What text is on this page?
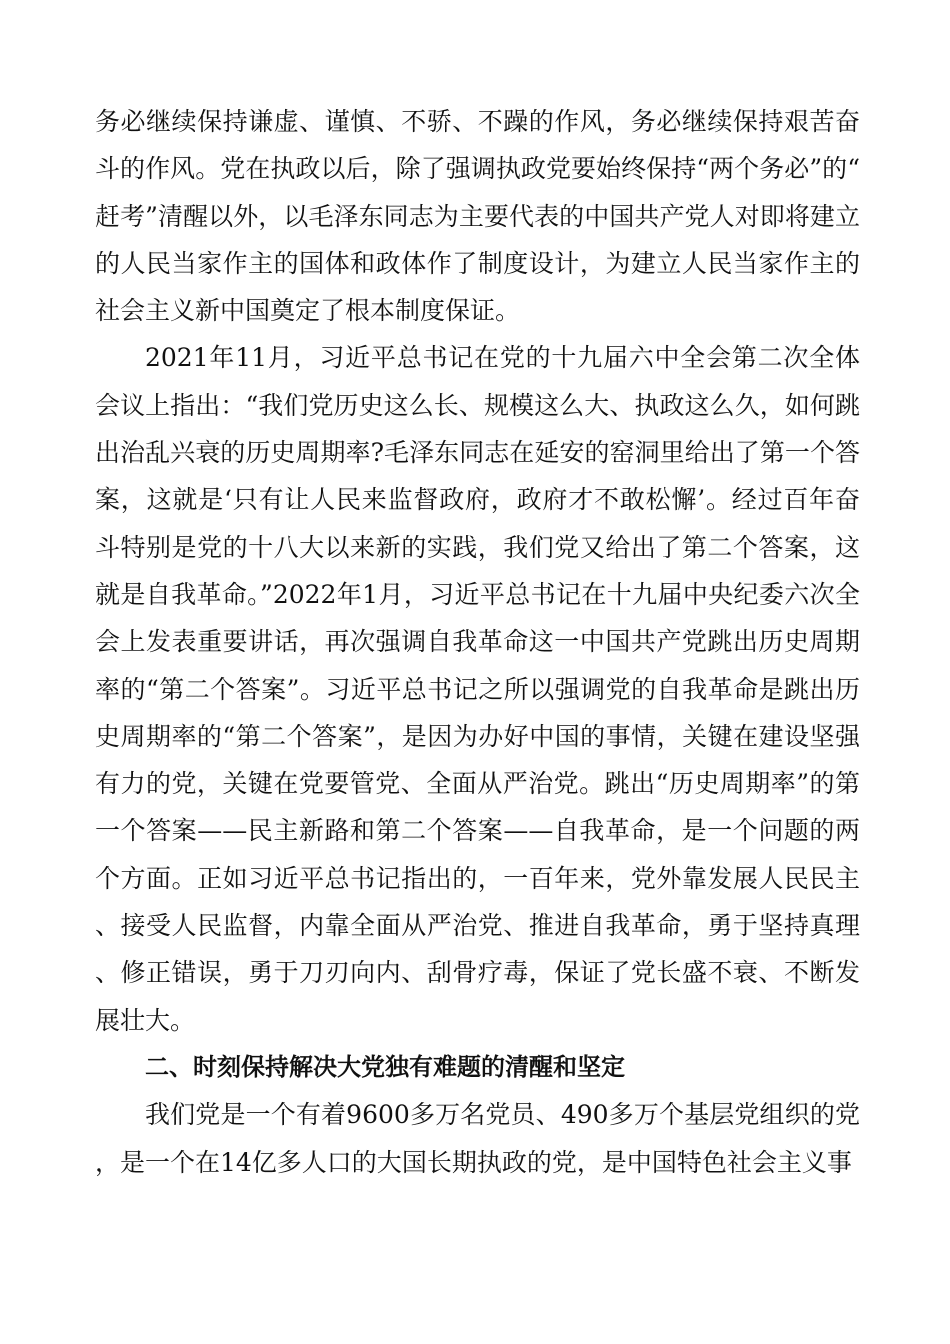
务必继续保持谦虚、谨慎、不骄、不躁的作风，务必继续保持艰苦奋斗的作风。党在执政以后，除了强调执政党要始终保持“两个务必”的“赶考”清醒以外，以毛泽东同志为主要代表的中国共产党人对即将建立的人民当家作主的国体和政体作了制度设计，为建立人民当家作主的社会主义新中国奠定了根本制度保证。

2021年11月，习近平总书记在党的十九届六中全会第二次全体会议上指出：“我们党历史这么长、规模这么大、执政这么久，如何跳出治乱兴衰的历史周期率?毛泽东同志在延安的窑洞里给出了第一个答案，这就是‘只有让人民来监督政府，政府才不敢松懈’。经过百年奋斗特别是党的十八大以来新的实践，我们党又给出了第二个答案，这就是自我革命。”2022年1月，习近平总书记在十九届中央纪委六次全会上发表重要讲话，再次强调自我革命这一中国共产党跳出历史周期率的“第二个答案”。习近平总书记之所以强调党的自我革命是跳出历史周期率的“第二个答案”，是因为办好中国的事情，关键在建设坚强有力的党，关键在党要管党、全面从严治党。跳出“历史周期率”的第一个答案——民主新路和第二个答案——自我革命，是一个问题的两个方面。正如习近平总书记指出的，一百年来，党外靠发展人民民主、接受人民监督，内靠全面从严治党、推进自我革命，勇于坚持真理、修正错误，勇于刀刃向内、刮骨疗毒，保证了党长盛不衰、不断发展壮大。

二、时刻保持解决大党独有难题的清醒和坚定

我们党是一个有着9600多万名党员、490多万个基层党组织的党，是一个在14亿多人口的大国长期执政的党，是中国特色社会主义事
